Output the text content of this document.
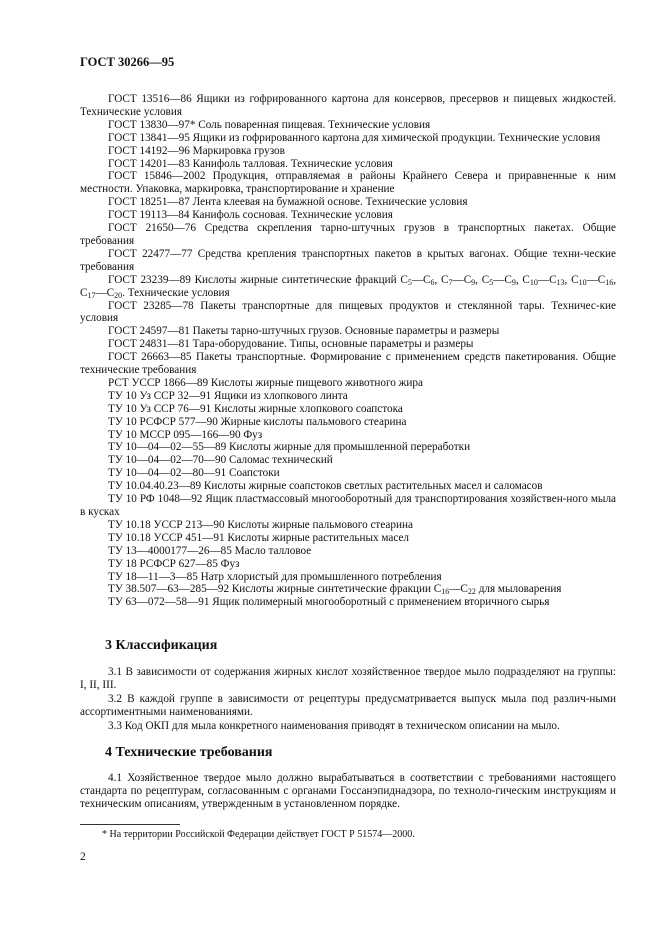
ГОСТ 30266—95

ГОСТ 13516—86 Ящики из гофрированного картона для консервов, пресервов и пищевых жидкостей. Технические условия

ГОСТ 13830—97* Соль поваренная пищевая. Технические условия

ГОСТ 13841—95 Ящики из гофрированного картона для химической продукции. Технические условия

ГОСТ 14192—96 Маркировка грузов

ГОСТ 14201—83 Канифоль талловая. Технические условия

ГОСТ 15846—2002 Продукция, отправляемая в районы Крайнего Севера и приравненные к ним местности. Упаковка, маркировка, транспортирование и хранение

ГОСТ 18251—87 Лента клеевая на бумажной основе. Технические условия

ГОСТ 19113—84 Канифоль сосновая. Технические условия

ГОСТ 21650—76 Средства скрепления тарно-штучных грузов в транспортных пакетах. Общие требования

ГОСТ 22477—77 Средства крепления транспортных пакетов в крытых вагонах. Общие техни-ческие требования

ГОСТ 23239—89 Кислоты жирные синтетические фракций $C_5—C_6$, $C_7—C_9$, $C_5—C_9$, $C_{10}—C_{13}$, $C_{10}—C_{16}$, $C_{17}—C_{20}$. Технические условия

ГОСТ 23285—78 Пакеты транспортные для пищевых продуктов и стеклянной тары. Техничес-кие условия

ГОСТ 24597—81 Пакеты тарно-штучных грузов. Основные параметры и размеры

ГОСТ 24831—81 Тара-оборудование. Типы, основные параметры и размеры

ГОСТ 26663—85 Пакеты транспортные. Формирование с применением средств пакетирования. Общие технические требования

РСТ УССР 1866—89 Кислоты жирные пищевого животного жира

ТУ 10 Уз ССР 32—91 Ящики из хлопкового линта

ТУ 10 Уз ССР 76—91 Кислоты жирные хлопкового соапстока

ТУ 10 РСФСР 577—90 Жирные кислоты пальмового стеарина

ТУ 10 МССР 095—166—90 Фуз

ТУ 10—04—02—55—89 Кислоты жирные для промышленной переработки

ТУ 10—04—02—70—90 Саломас технический

ТУ 10—04—02—80—91 Соапстоки

ТУ 10.04.40.23—89 Кислоты жирные соапстоков светлых растительных масел и саломасов

ТУ 10 РФ 1048—92 Ящик пластмассовый многооборотный для транспортирования хозяйствен-ного мыла в кусках

ТУ 10.18 УССР 213—90 Кислоты жирные пальмового стеарина

ТУ 10.18 УССР 451—91 Кислоты жирные растительных масел

ТУ 13—4000177—26—85 Масло талловое

ТУ 18 РСФСР 627—85 Фуз

ТУ 18—11—3—85 Натр хлористый для промышленного потребления

ТУ 38.507—63—285—92 Кислоты жирные синтетические фракции $C_{16}—C_{22}$ для мыловарения

ТУ 63—072—58—91 Ящик полимерный многооборотный с применением вторичного сырья

3 Классификация

3.1 В зависимости от содержания жирных кислот хозяйственное твердое мыло подразделяют на группы: I, II, III.

3.2 В каждой группе в зависимости от рецептуры предусматривается выпуск мыла под различ-ными ассортиментными наименованиями.

3.3 Код ОКП для мыла конкретного наименования приводят в техническом описании на мыло.

4 Технические требования

4.1 Хозяйственное твердое мыло должно вырабатываться в соответствии с требованиями настоящего стандарта по рецептурам, согласованным с органами Госсанэпиднадзора, по техноло-гическим инструкциям и техническим описаниям, утвержденным в установленном порядке.

* На территории Российской Федерации действует ГОСТ Р 51574—2000.
2
